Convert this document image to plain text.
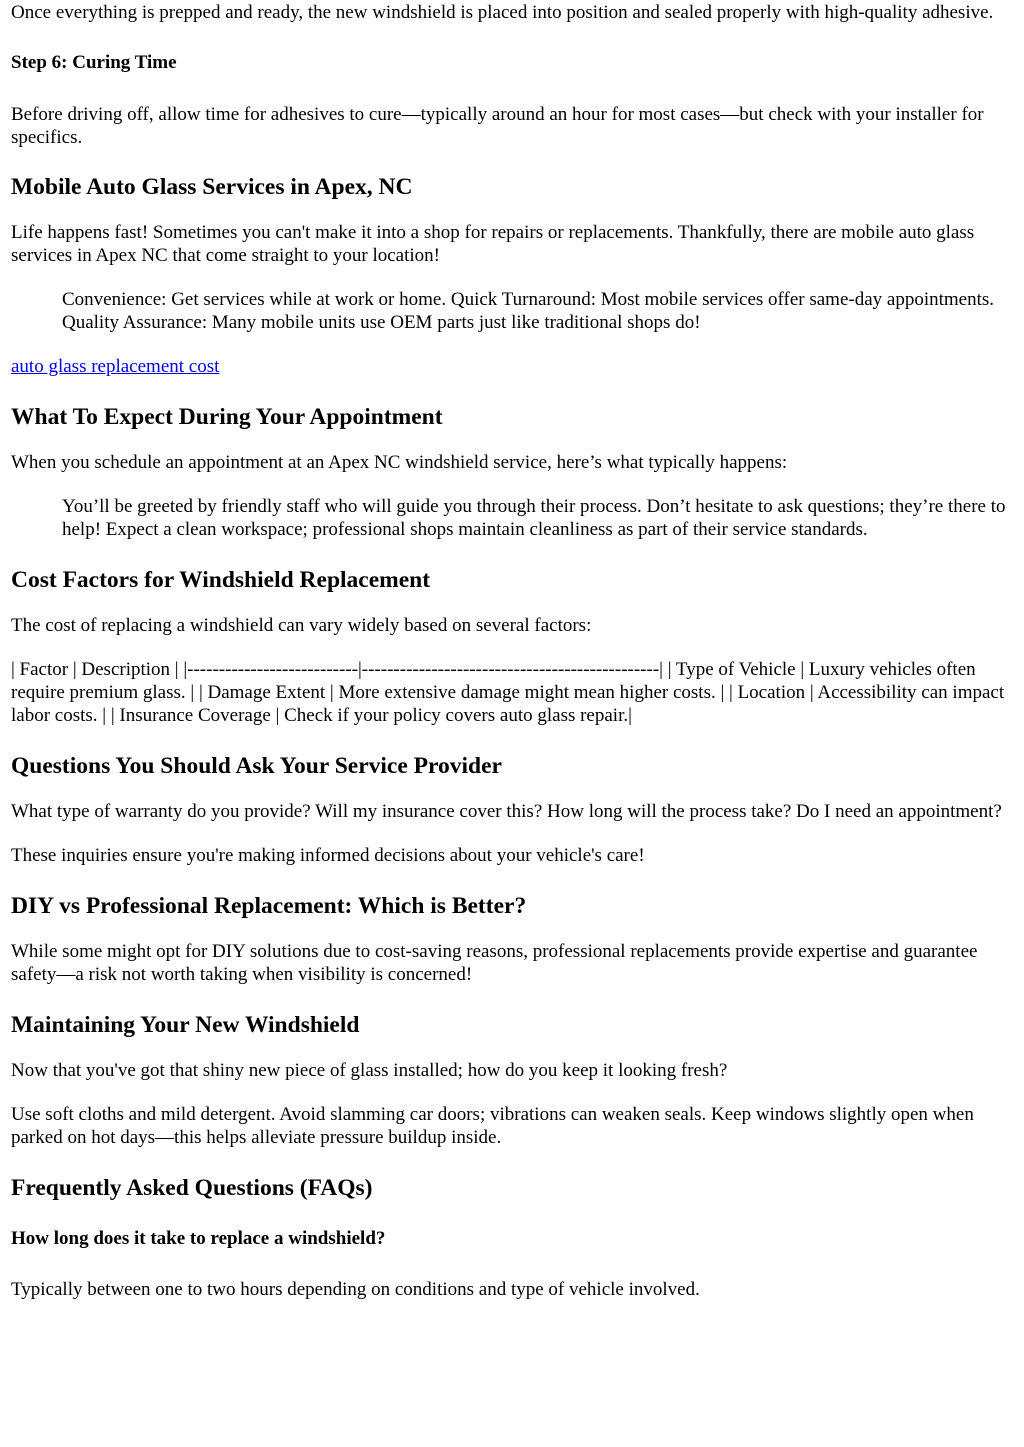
Once everything is prepped and ready, the new windshield is placed into position and sealed properly with high-quality adhesive.

Step 6: Curing Time

Before driving off, allow time for adhesives to cure—typically around an hour for most cases—but check with your installer for specifics.

Mobile Auto Glass Services in Apex, NC

Life happens fast! Sometimes you can't make it into a shop for repairs or replacements. Thankfully, there are mobile auto glass services in Apex NC that come straight to your location!

Convenience: Get services while at work or home. Quick Turnaround: Most mobile services offer same-day appointments. Quality Assurance: Many mobile units use OEM parts just like traditional shops do!

auto glass replacement cost

What To Expect During Your Appointment

When you schedule an appointment at an Apex NC windshield service, here’s what typically happens:

You’ll be greeted by friendly staff who will guide you through their process. Don’t hesitate to ask questions; they’re there to help! Expect a clean workspace; professional shops maintain cleanliness as part of their service standards.
Cost Factors for Windshield Replacement

The cost of replacing a windshield can vary widely based on several factors:

| Factor | Description | |---------------------------|-----------------------------------------------| | Type of Vehicle | Luxury vehicles often require premium glass. | | Damage Extent | More extensive damage might mean higher costs. | | Location | Accessibility can impact labor costs. | | Insurance Coverage | Check if your policy covers auto glass repair.|

Questions You Should Ask Your Service Provider

What type of warranty do you provide? Will my insurance cover this? How long will the process take? Do I need an appointment?

These inquiries ensure you're making informed decisions about your vehicle's care!

DIY vs Professional Replacement: Which is Better?

While some might opt for DIY solutions due to cost-saving reasons, professional replacements provide expertise and guarantee safety—a risk not worth taking when visibility is concerned!

Maintaining Your New Windshield

Now that you've got that shiny new piece of glass installed; how do you keep it looking fresh?

Use soft cloths and mild detergent. Avoid slamming car doors; vibrations can weaken seals. Keep windows slightly open when parked on hot days—this helps alleviate pressure buildup inside.

Frequently Asked Questions (FAQs)
How long does it take to replace a windshield?

Typically between one to two hours depending on conditions and type of vehicle involved.
